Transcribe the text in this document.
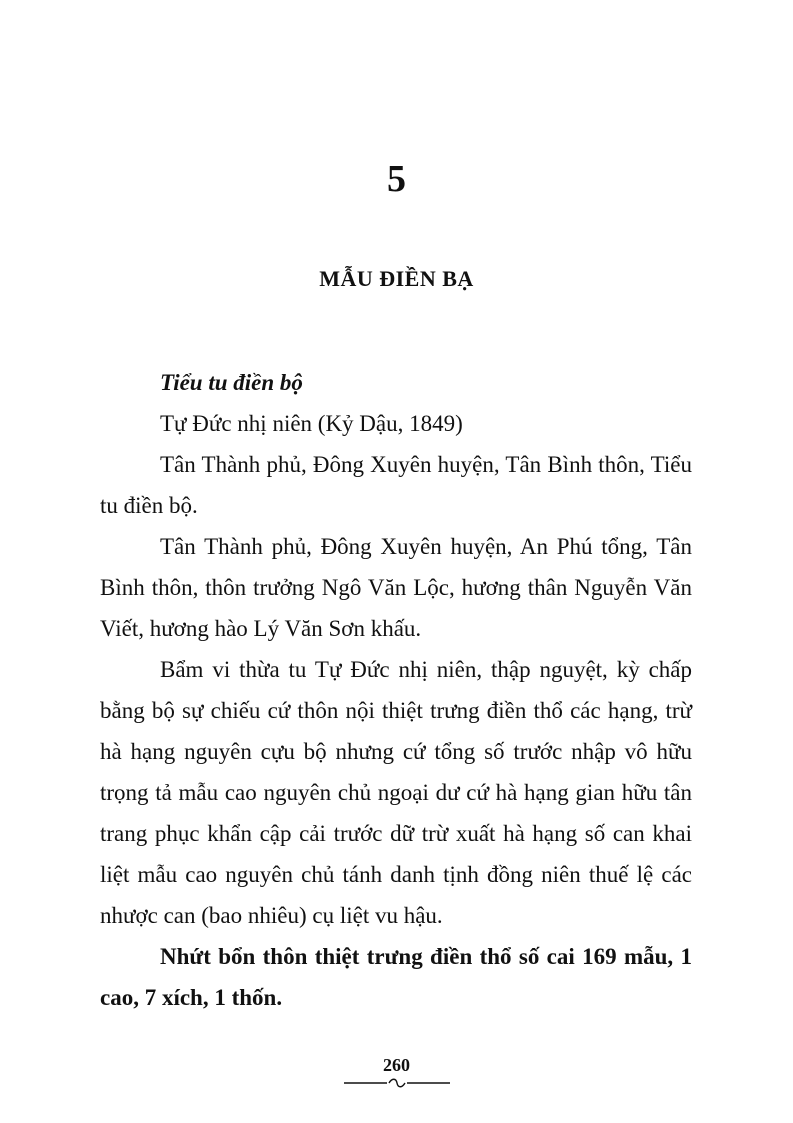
5
MẪU ĐIỀN BẠ

Tiểu tu điền bộ

Tự Đức nhị niên (Kỷ Dậu, 1849)

Tân Thành phủ, Đông Xuyên huyện, Tân Bình thôn, Tiểu tu điền bộ.

Tân Thành phủ, Đông Xuyên huyện, An Phú tổng, Tân Bình thôn, thôn trưởng Ngô Văn Lộc, hương thân Nguyễn Văn Viết, hương hào Lý Văn Sơn khấu.

Bẩm vi thừa tu Tự Đức nhị niên, thập nguyệt, kỳ chấp bằng bộ sự chiếu cứ thôn nội thiệt trưng điền thổ các hạng, trừ hà hạng nguyên cựu bộ nhưng cứ tổng số trước nhập vô hữu trọng tả mẫu cao nguyên chủ ngoại dư cứ hà hạng gian hữu tân trang phục khẩn cập cải trước dữ trừ xuất hà hạng số can khai liệt mẫu cao nguyên chủ tánh danh tịnh đồng niên thuế lệ các nhược can (bao nhiêu) cụ liệt vu hậu.

Nhứt bổn thôn thiệt trưng điền thổ số cai 169 mẫu, 1 cao, 7 xích, 1 thốn.

260
